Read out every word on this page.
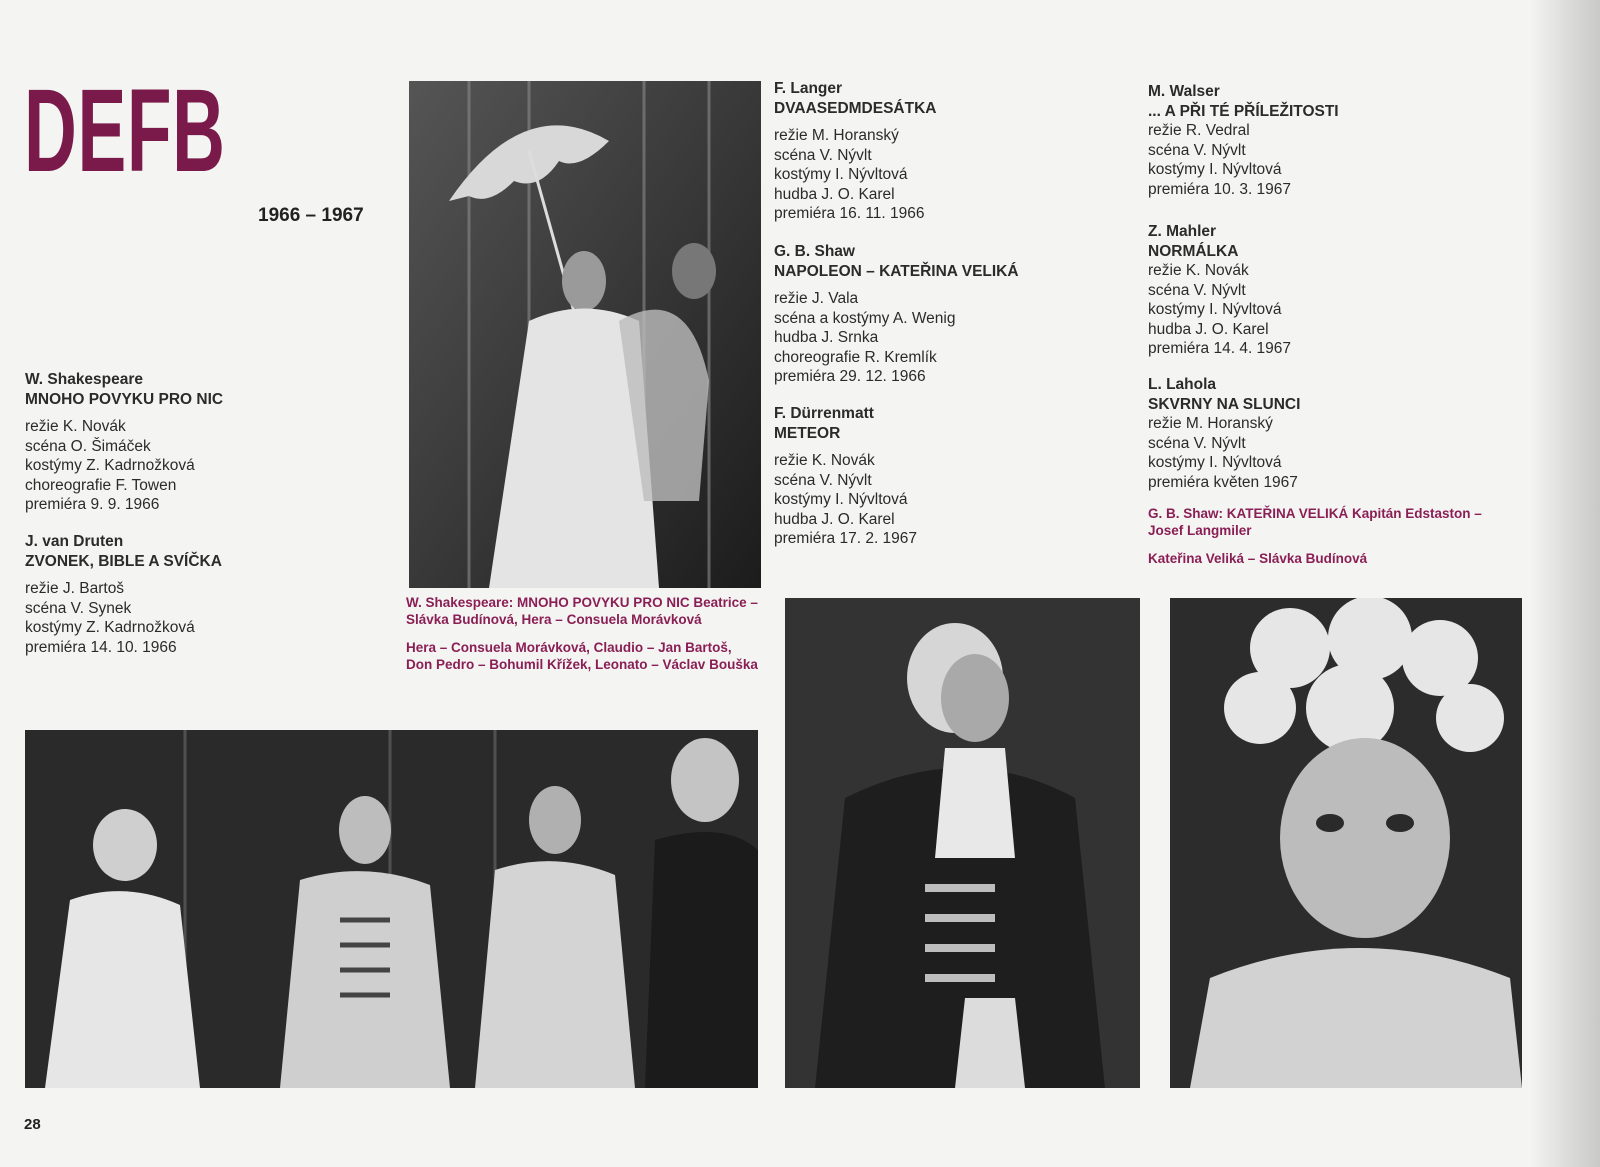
DEFB
1966 – 1967
W. Shakespeare
MNOHO POVYKU PRO NIC
režie K. Novák
scéna O. Šimáček
kostýmy Z. Kadrnožková
choreografie F. Towen
premiéra 9. 9. 1966
J. van Druten
ZVONEK, BIBLE A SVÍČKA
režie J. Bartoš
scéna V. Synek
kostýmy Z. Kadrnožková
premiéra 14. 10. 1966
F. Langer
DVAASEDMDESÁTKA
režie M. Horanský
scéna V. Nývlt
kostýmy I. Nývltová
hudba J. O. Karel
premiéra 16. 11. 1966
G. B. Shaw
NAPOLEON – KATEŘINA VELIKÁ
režie J. Vala
scéna a kostýmy A. Wenig
hudba J. Srnka
choreografie R. Kremlík
premiéra 29. 12. 1966
F. Dürrenmatt
METEOR
režie K. Novák
scéna V. Nývlt
kostýmy I. Nývltová
hudba J. O. Karel
premiéra 17. 2. 1967
M. Walser
... A PŘI TÉ PŘÍLEŽITOSTI
režie R. Vedral
scéna V. Nývlt
kostýmy I. Nývltová
premiéra 10. 3. 1967
Z. Mahler
NORMÁLKA
režie K. Novák
scéna V. Nývlt
kostýmy I. Nývltová
hudba J. O. Karel
premiéra 14. 4. 1967
L. Lahola
SKVRNY NA SLUNCI
režie M. Horanský
scéna V. Nývlt
kostýmy I. Nývltová
premiéra květen 1967

W. Shakespeare: MNOHO POVYKU PRO NIC Beatrice – Slávka Budínová, Hera – Consuela Morávková

Hera – Consuela Morávková, Claudio – Jan Bartoš, Don Pedro – Bohumil Křížek, Leonato – Václav Bouška

G. B. Shaw: KATEŘINA VELIKÁ Kapitán Edstaston – Josef Langmiler

Kateřina Veliká – Slávka Budínová

28
